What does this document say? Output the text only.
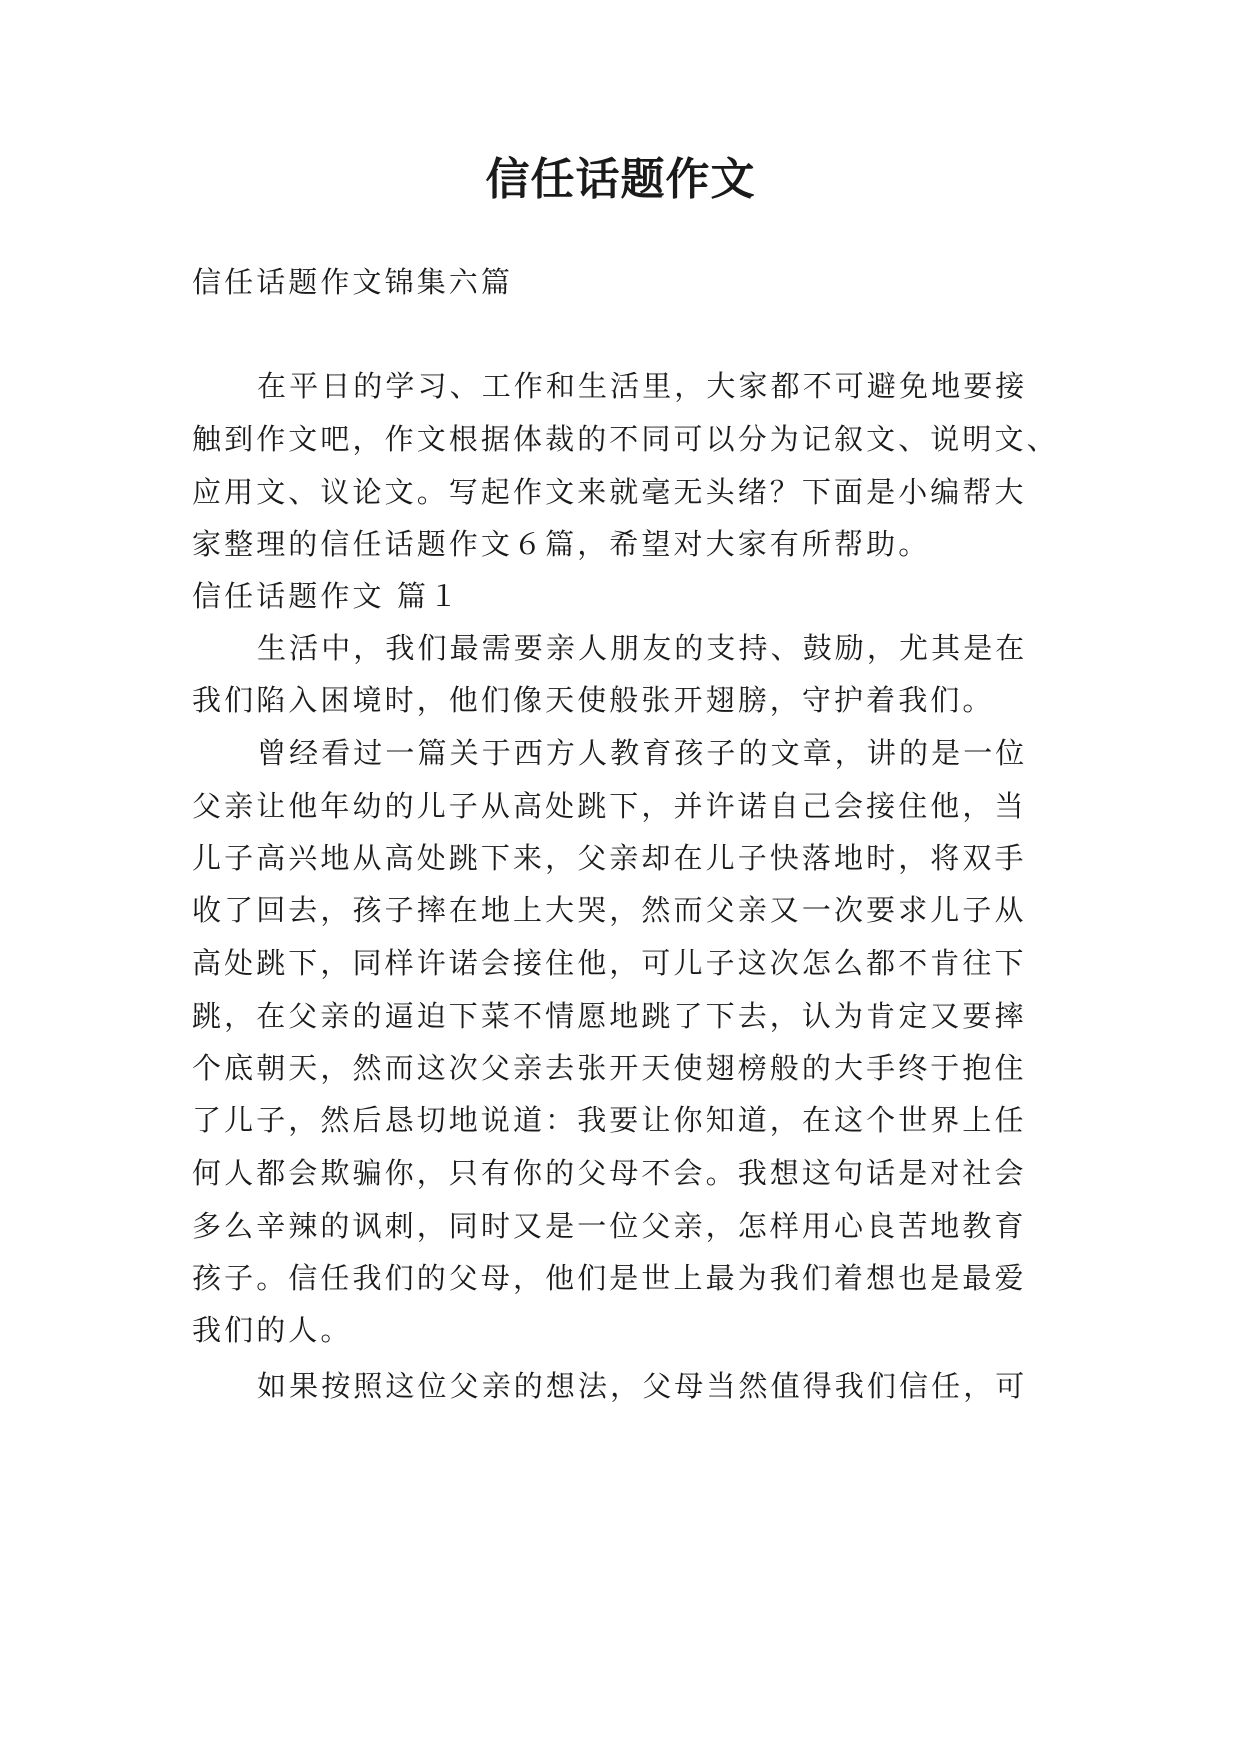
信任话题作文

信任话题作文锦集六篇

在平日的学习、工作和生活里，大家都不可避免地要接

触到作文吧，作文根据体裁的不同可以分为记叙文、说明文、

应用文、议论文。写起作文来就毫无头绪？下面是小编帮大

家整理的信任话题作文６篇，希望对大家有所帮助。

信任话题作文 篇１

生活中，我们最需要亲人朋友的支持、鼓励，尤其是在

我们陷入困境时，他们像天使般张开翅膀，守护着我们。

曾经看过一篇关于西方人教育孩子的文章，讲的是一位

父亲让他年幼的儿子从高处跳下，并许诺自己会接住他，当

儿子高兴地从高处跳下来，父亲却在儿子快落地时，将双手

收了回去，孩子摔在地上大哭，然而父亲又一次要求儿子从

高处跳下，同样许诺会接住他，可儿子这次怎么都不肯往下

跳，在父亲的逼迫下菜不情愿地跳了下去，认为肯定又要摔

个底朝天，然而这次父亲去张开天使翅榜般的大手终于抱住

了儿子，然后恳切地说道：我要让你知道，在这个世界上任

何人都会欺骗你，只有你的父母不会。我想这句话是对社会

多么辛辣的讽刺，同时又是一位父亲，怎样用心良苦地教育

孩子。信任我们的父母，他们是世上最为我们着想也是最爱

我们的人。

如果按照这位父亲的想法，父母当然值得我们信任，可
